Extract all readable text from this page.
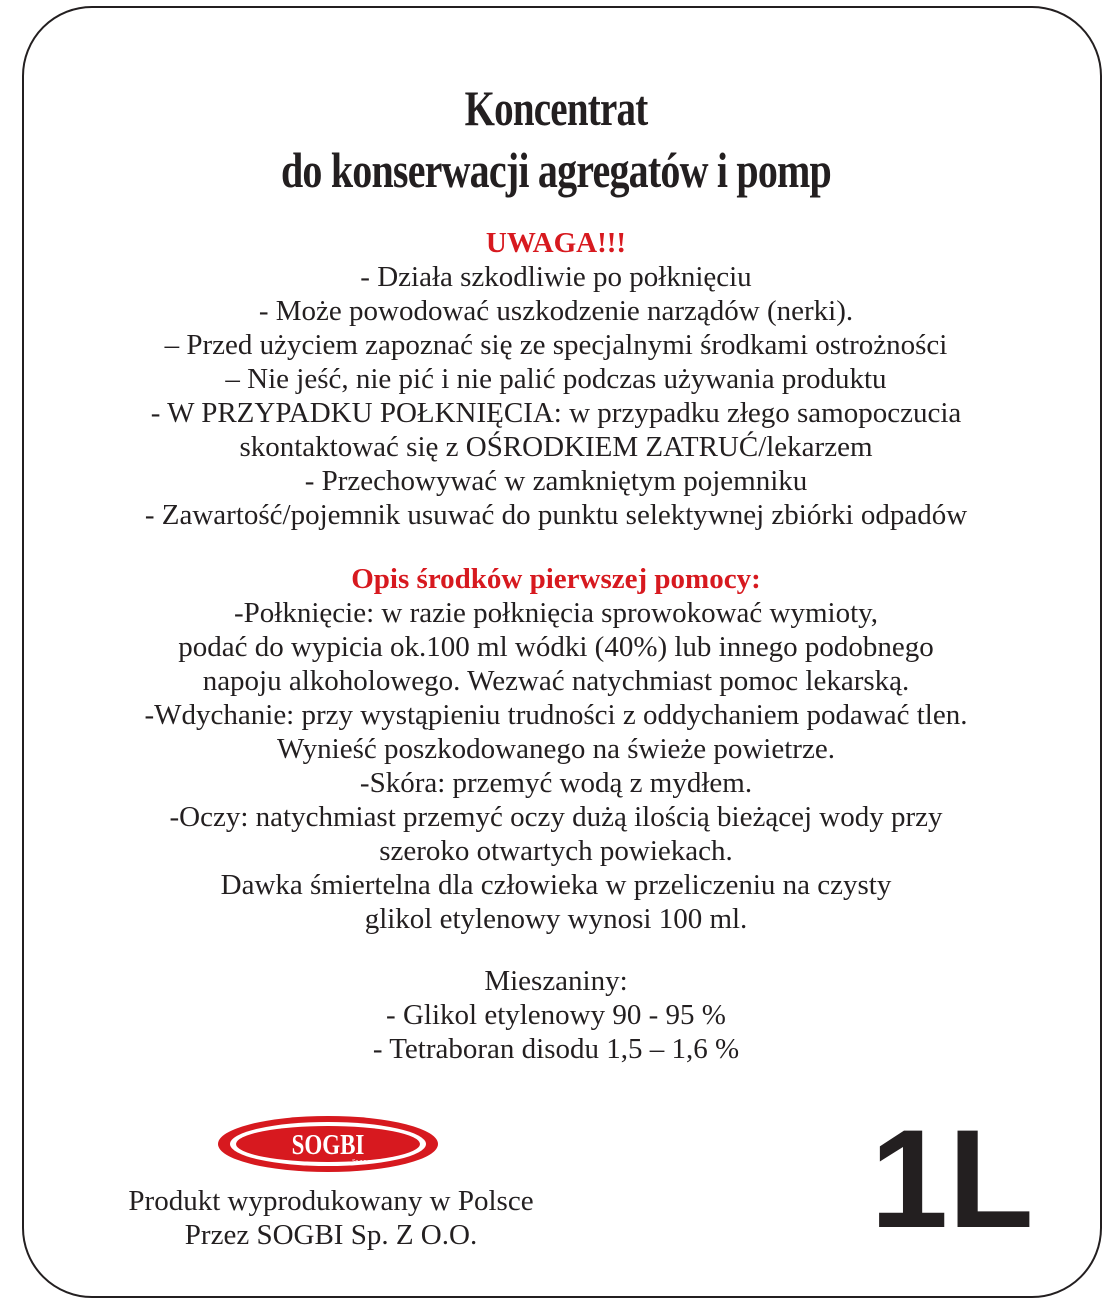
Koncentrat
do konserwacji agregatów i pomp
UWAGA!!!
- Działa szkodliwie po połknięciu
- Może powodować uszkodzenie narządów (nerki).
– Przed użyciem zapoznać się ze specjalnymi środkami ostrożności
– Nie jeść, nie pić i nie palić podczas używania produktu
- W PRZYPADKU POŁKNIĘCIA: w przypadku złego samopoczucia
skontaktować się z OŚRODKIEM ZATRUĆ/lekarzem
- Przechowywać w zamkniętym pojemniku
- Zawartość/pojemnik usuwać do punktu selektywnej zbiórki odpadów
Opis środków pierwszej pomocy:
-Połknięcie: w razie połknięcia sprowokować wymioty,
podać do wypicia ok.100 ml wódki (40%) lub innego podobnego
napoju alkoholowego. Wezwać natychmiast pomoc lekarską.
-Wdychanie: przy wystąpieniu trudności z oddychaniem podawać tlen.
Wynieść poszkodowanego na świeże powietrze.
-Skóra: przemyć wodą z mydłem.
-Oczy: natychmiast przemyć oczy dużą ilością bieżącej wody przy
szeroko otwartych powiekach.
Dawka śmiertelna dla człowieka w przeliczeniu na czysty
glikol etylenowy wynosi 100 ml.
Mieszaniny:
- Glikol etylenowy 90 - 95 %
- Tetraboran disodu 1,5 – 1,6 %
SOGBI
Sp z o.o.
Produkt wyprodukowany w Polsce
Przez SOGBI Sp. Z O.O.	1L
